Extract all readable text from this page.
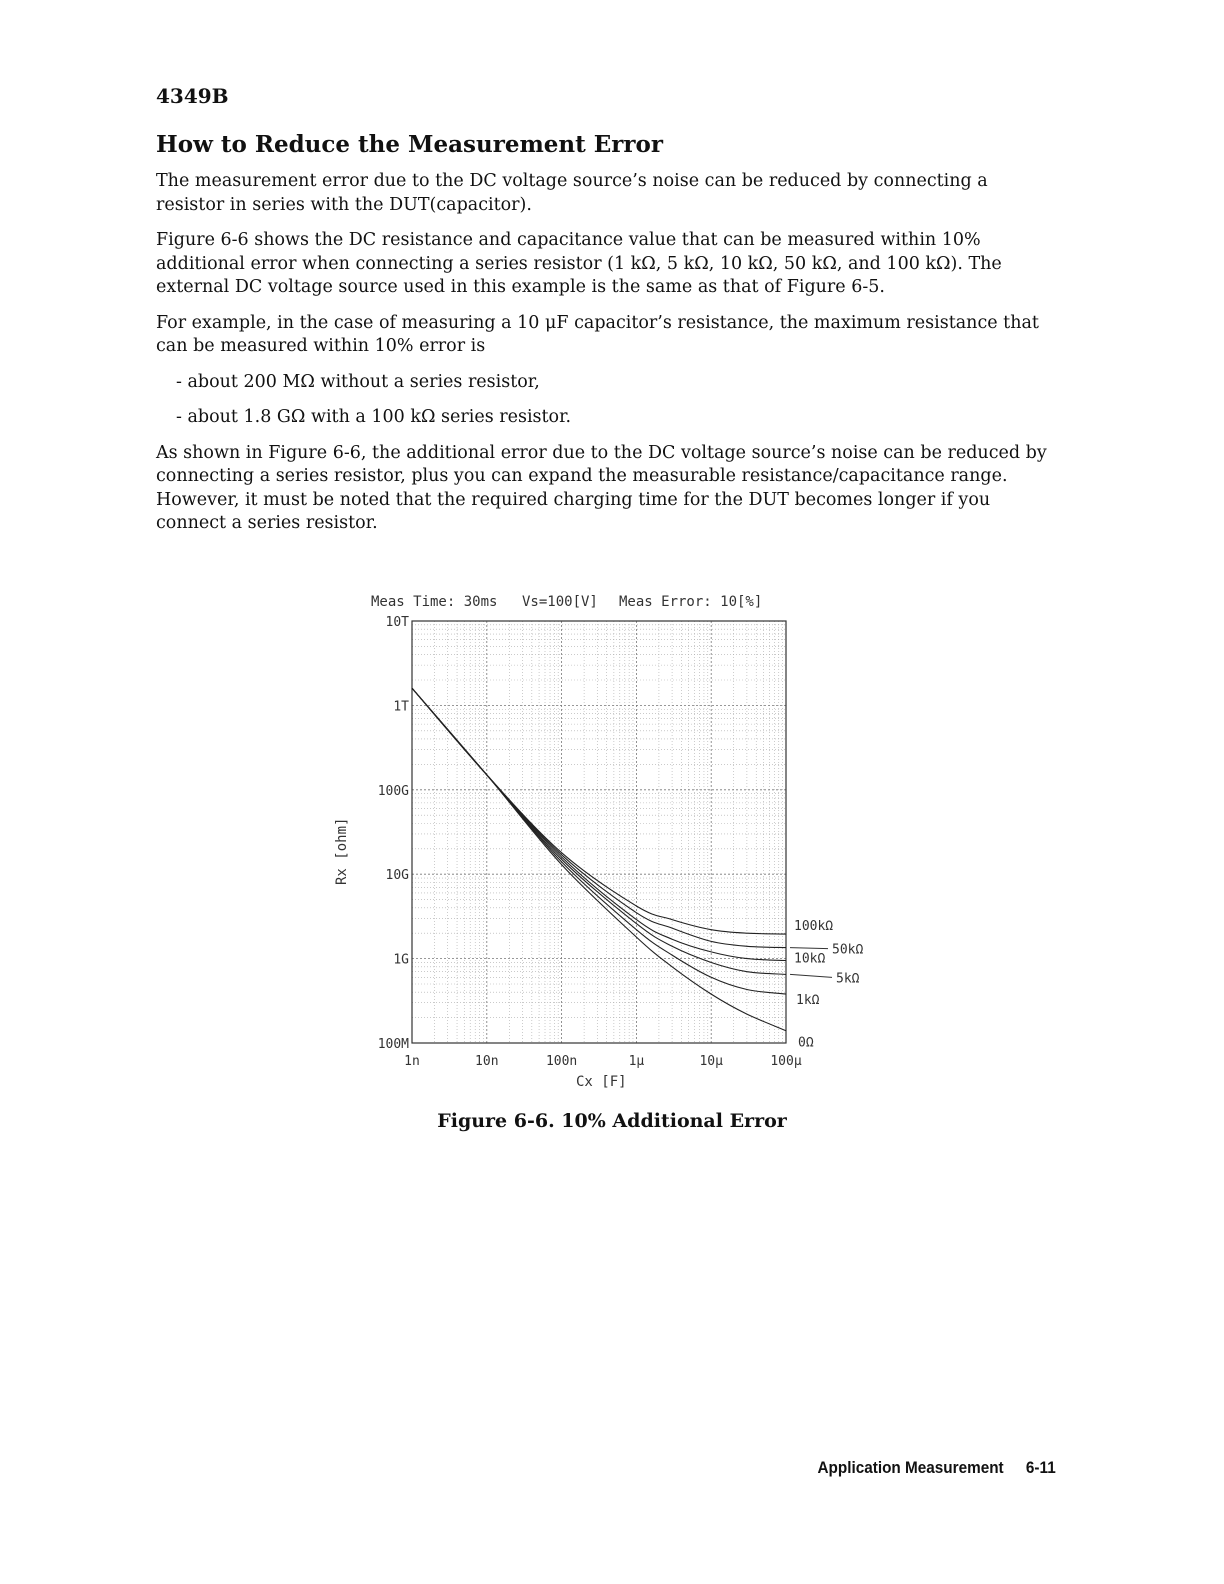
4349B
How to Reduce the Measurement Error

The measurement error due to the DC voltage source’s noise can be reduced by connecting a resistor in series with the DUT(capacitor).

Figure 6-6 shows the DC resistance and capacitance value that can be measured within 10% additional error when connecting a series resistor (1 kΩ, 5 kΩ, 10 kΩ, 50 kΩ, and 100 kΩ). The external DC voltage source used in this example is the same as that of Figure 6-5.

For example, in the case of measuring a 10 μF capacitor’s resistance, the maximum resistance that can be measured within 10% error is

- about 200 MΩ without a series resistor,

- about 1.8 GΩ with a 100 kΩ series resistor.

As shown in Figure 6-6, the additional error due to the DC voltage source’s noise can be reduced by connecting a series resistor, plus you can expand the measurable resistance/capacitance range. However, it must be noted that the required charging time for the DUT becomes longer if you connect a series resistor.

Meas Time: 30ms Vs=100[V] Meas Error: 10[%]
10T
1T
100G
10G
1G
100M
1n	10n	100n	1μ	10μ	100μ
100kΩ
50kΩ
10kΩ
5kΩ
1kΩ
0Ω
Cx [F]
Rx [ohm]

Figure 6-6. 10% Additional Error

Application Measurement 6-11
